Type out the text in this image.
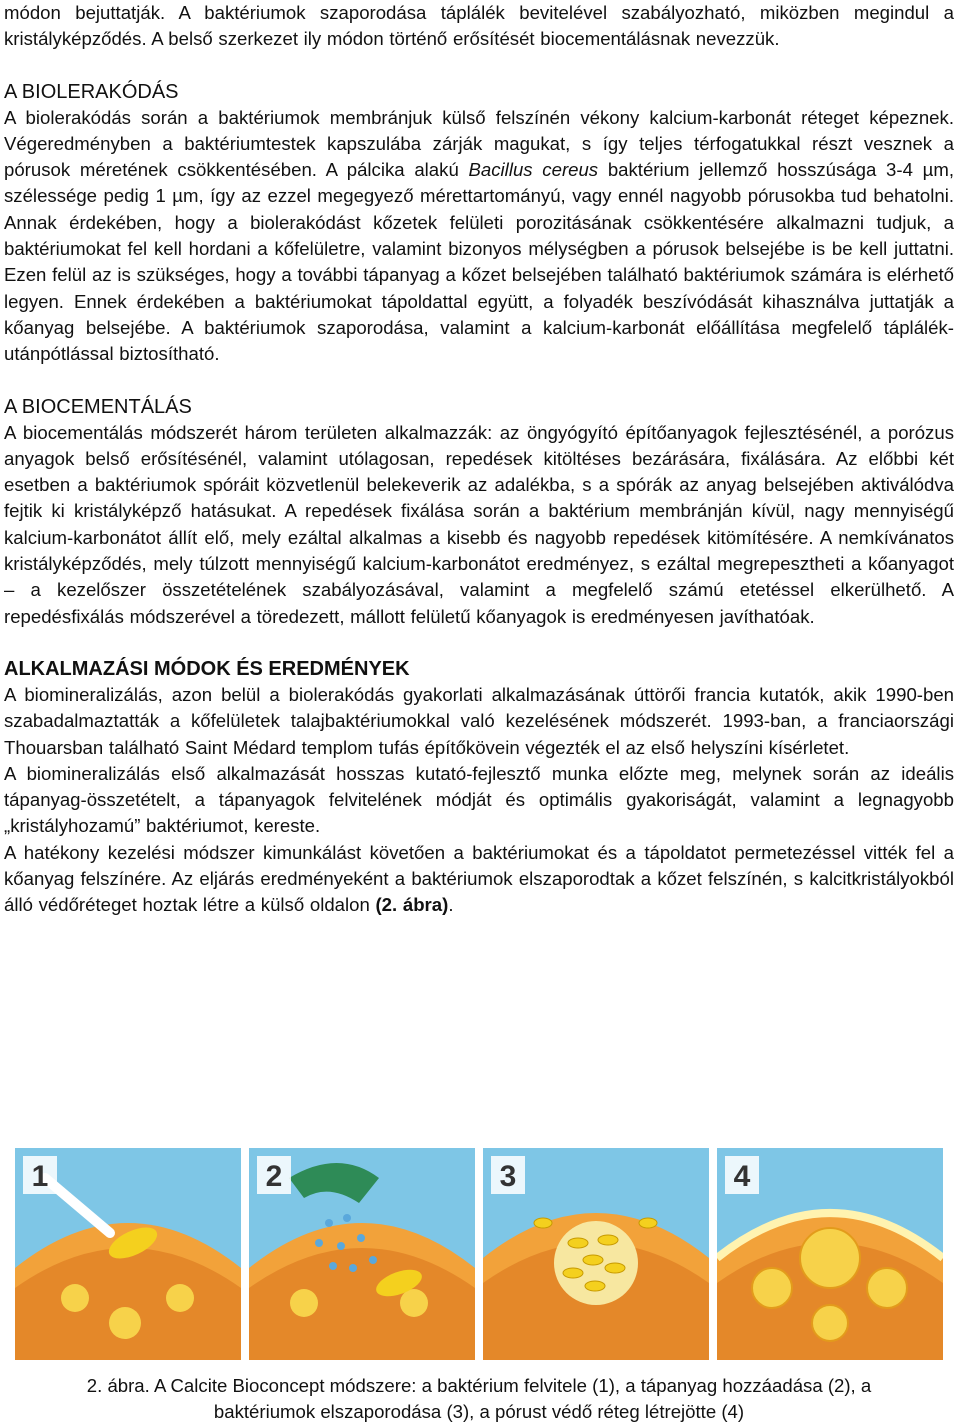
módon bejuttatják. A baktériumok szaporodása táplálék bevitelével szabályozható, miközben megindul a kristályképződés. A belső szerkezet ily módon történő erősítését biocementálásnak nevezzük.

A BIOLERAKÓDÁS

A biolerakódás során a baktériumok membránjuk külső felszínén vékony kalcium-karbonát réteget képeznek. Végeredményben a baktériumtestek kapszulába zárják magukat, s így teljes térfogatukkal részt vesznek a pórusok méretének csökkentésében. A pálcika alakú Bacillus cereus baktérium jellemző hosszúsága 3-4 µm, szélessége pedig 1 µm, így az ezzel megegyező mérettartományú, vagy ennél nagyobb pórusokba tud behatolni. Annak érdekében, hogy a biolerakódást kőzetek felületi porozitásának csökkentésére alkalmazni tudjuk, a baktériumokat fel kell hordani a kőfelületre, valamint bizonyos mélységben a pórusok belsejébe is be kell juttatni. Ezen felül az is szükséges, hogy a további tápanyag a kőzet belsejében található baktériumok számára is elérhető legyen. Ennek érdekében a baktériumokat tápoldattal együtt, a folyadék beszívódását kihasználva juttatják a kőanyag belsejébe. A baktériumok szaporodása, valamint a kalcium-karbonát előállítása megfelelő táplálék-utánpótlással biztosítható.

A BIOCEMENTÁLÁS

A biocementálás módszerét három területen alkalmazzák: az öngyógyító építőanyagok fejlesztésénél, a porózus anyagok belső erősítésénél, valamint utólagosan, repedések kitöltéses bezárására, fixálására. Az előbbi két esetben a baktériumok spóráit közvetlenül belekeverik az adalékba, s a spórák az anyag belsejében aktiválódva fejtik ki kristályképző hatásukat. A repedések fixálása során a baktérium membránján kívül, nagy mennyiségű kalcium-karbonátot állít elő, mely ezáltal alkalmas a kisebb és nagyobb repedések kitömítésére. A nemkívánatos kristályképződés, mely túlzott mennyiségű kalcium-karbonátot eredményez, s ezáltal megrepesztheti a kőanyagot – a kezelőszer összetételének szabályozásával, valamint a megfelelő számú etetéssel elkerülhető. A repedésfixálás módszerével a töredezett, mállott felületű kőanyagok is eredményesen javíthatóak.

ALKALMAZÁSI MÓDOK ÉS EREDMÉNYEK

A biomineralizálás, azon belül a biolerakódás gyakorlati alkalmazásának úttörői francia kutatók, akik 1990-ben szabadalmaztatták a kőfelületek talajbaktériumokkal való kezelésének módszerét. 1993-ban, a franciaországi Thouarsban található Saint Médard templom tufás építőkövein végezték el az első helyszíni kísérletet.

A biomineralizálás első alkalmazását hosszas kutató-fejlesztő munka előzte meg, melynek során az ideális tápanyag-összetételt, a tápanyagok felvitelének módját és optimális gyakoriságát, valamint a legnagyobb „kristályhozamú” baktériumot, kereste.

A hatékony kezelési módszer kimunkálást követően a baktériumokat és a tápoldatot permetezéssel vitték fel a kőanyag felszínére. Az eljárás eredményeként a baktériumok elszaporodtak a kőzet felszínén, s kalcitkristályokból álló védőréteget hoztak létre a külső oldalon (2. ábra).

1	2	3	4
2. ábra. A Calcite Bioconcept módszere: a baktérium felvitele (1), a tápanyag hozzáadása (2), a
baktériumok elszaporodása (3), a pórust védő réteg létrejötte (4)
